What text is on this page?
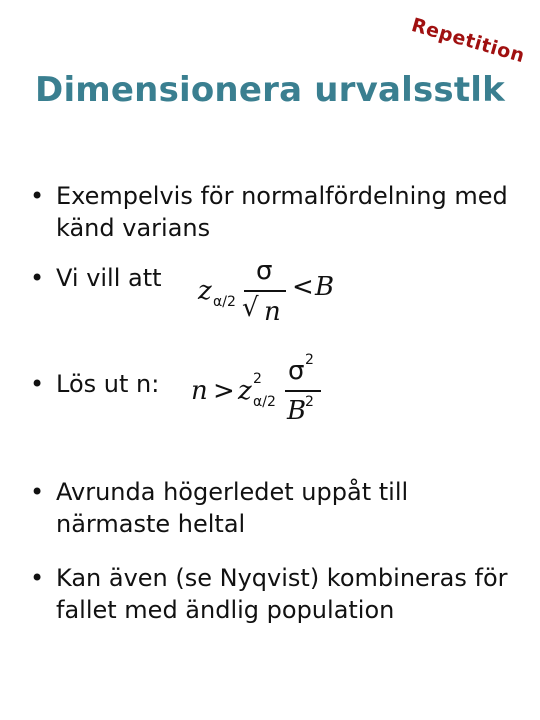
Repetition
Dimensionera urvalsstlk
• Exempelvis för normalfördelning med känd varians
• Vi vill att	z α/2
σ
√ n
< B
• Lös ut n:	n > z 2
α/2
σ 2
B
2
• Avrunda högerledet uppåt till närmaste heltal
• Kan även (se Nyqvist) kombineras för fallet med ändlig population
